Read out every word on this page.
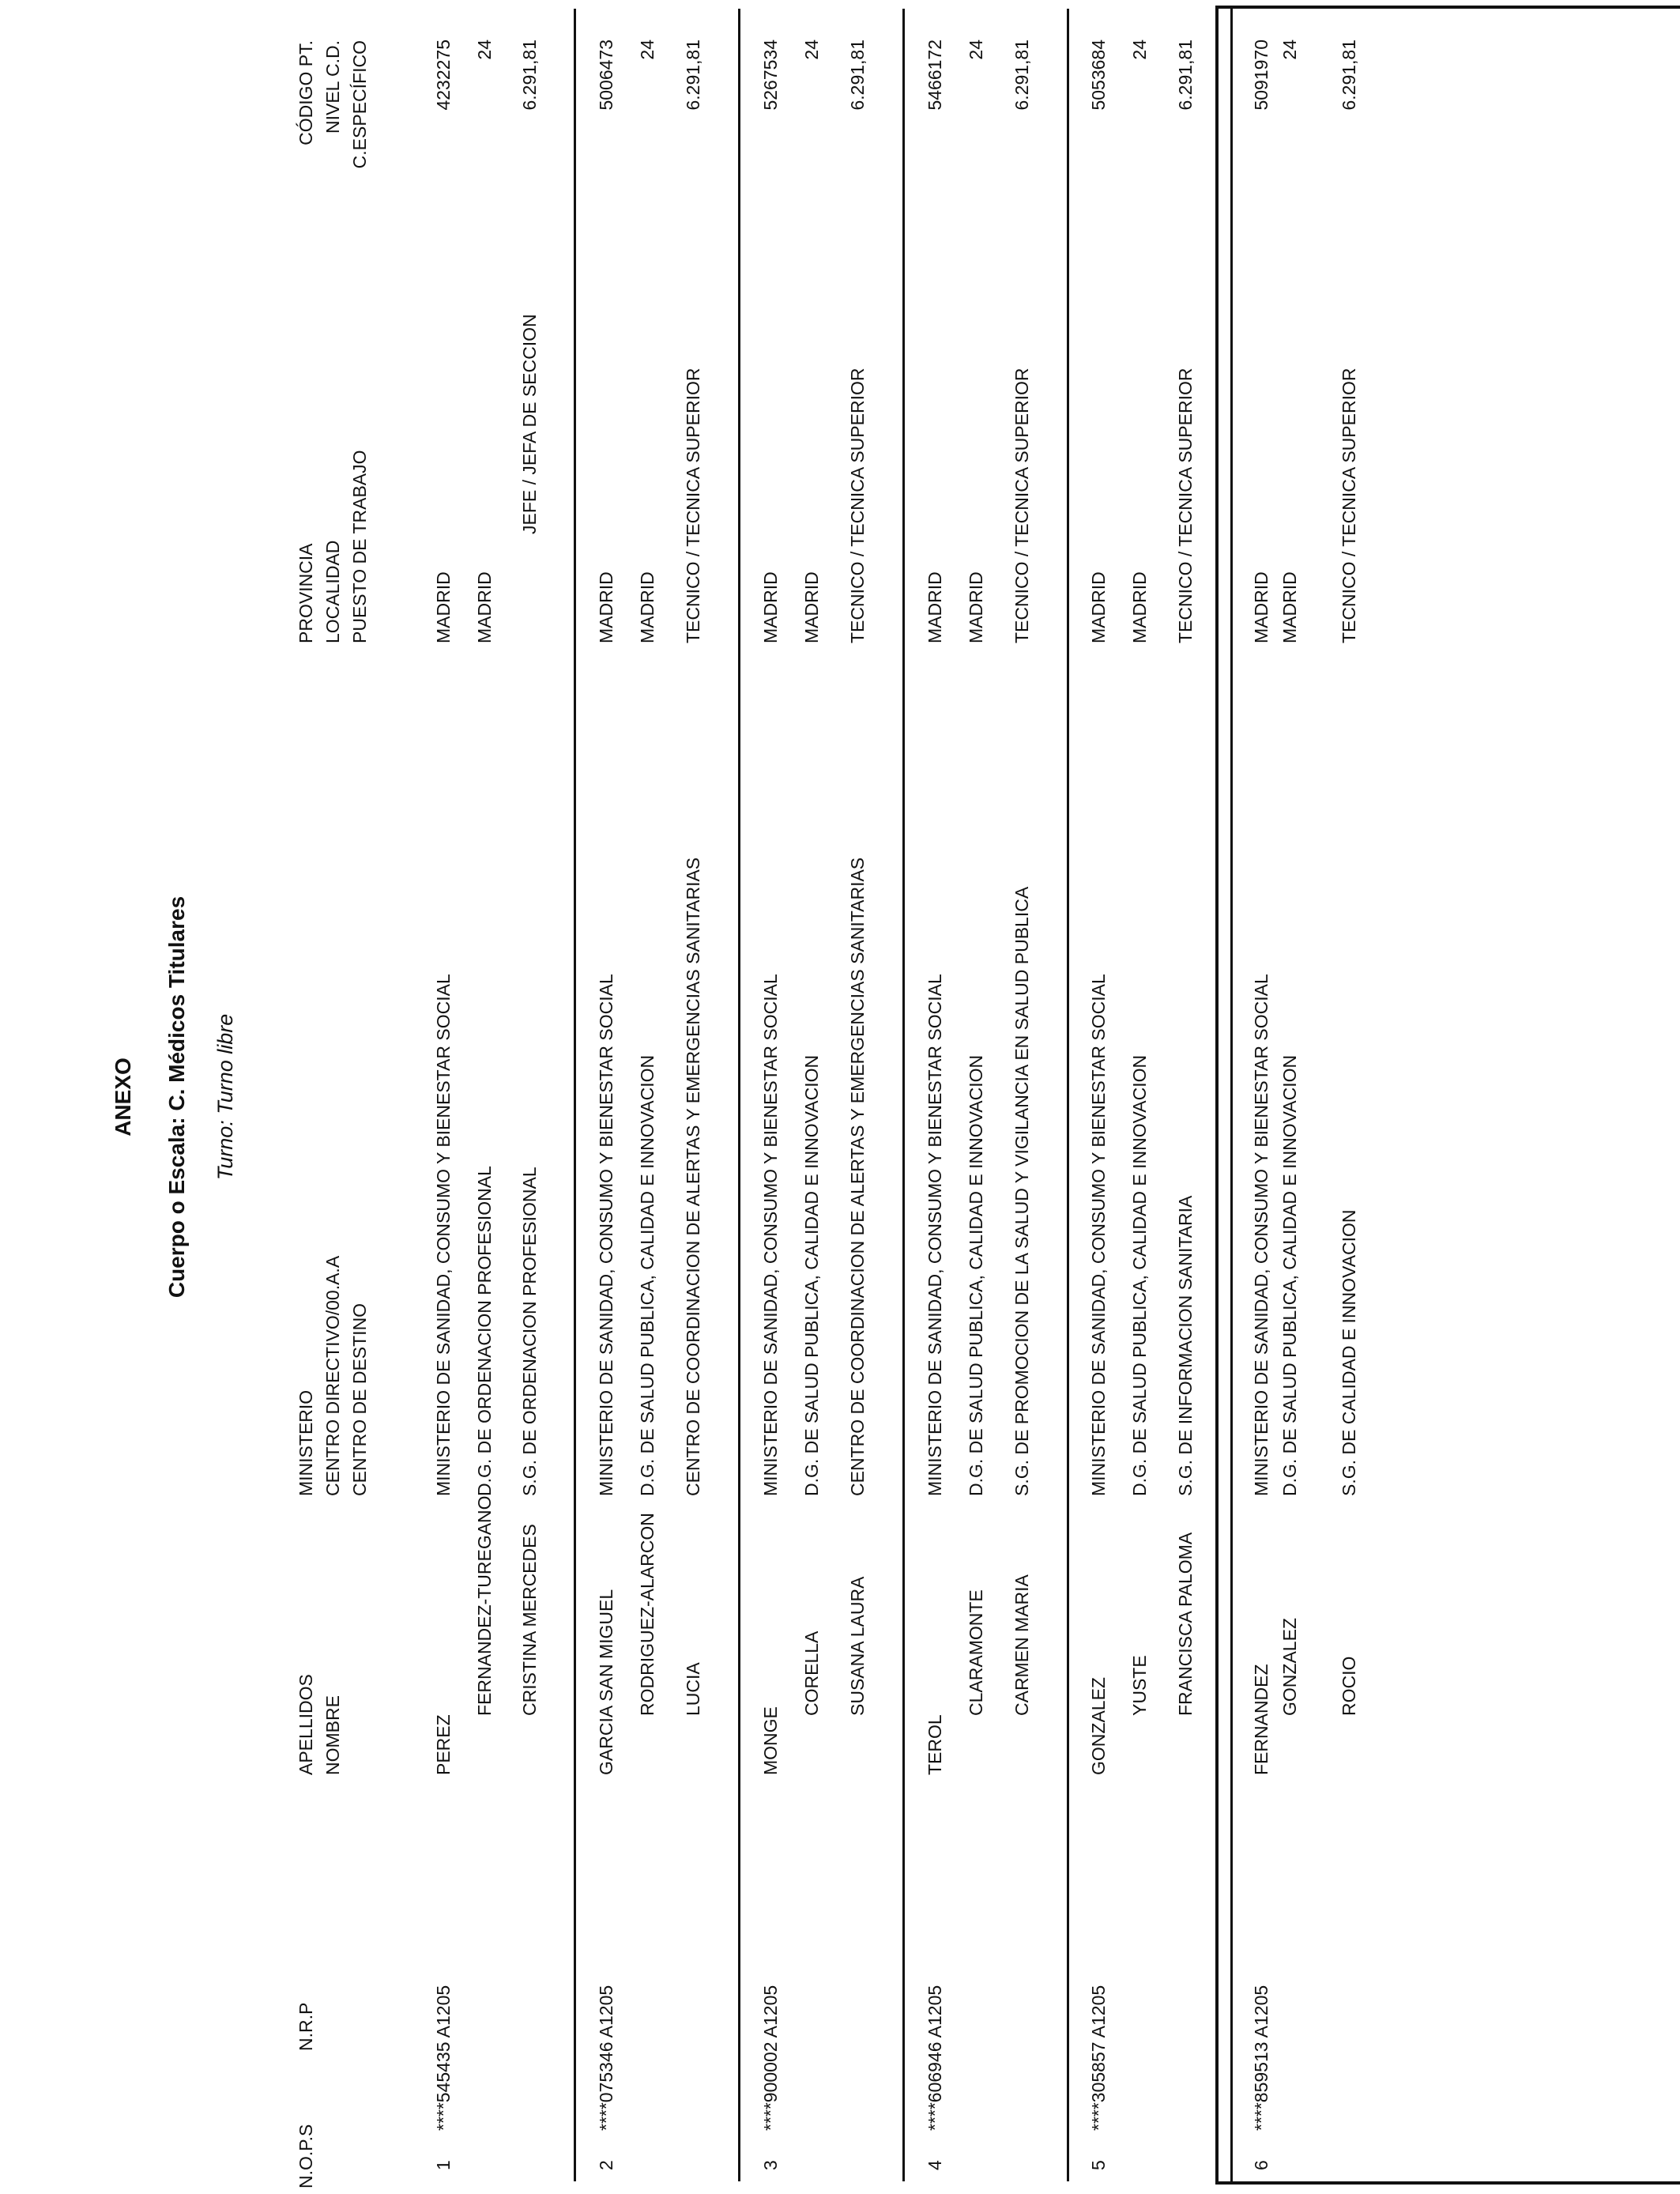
ANEXO Cuerpo o Escala: C. Médicos Titulares Turno: Turno libre
N.O.P.S
N.R.P
APELLIDOS NOMBRE
MINISTERIO CENTRO DIRECTIVO/00.A.A CENTRO DE DESTINO
PROVINCIA LOCALIDAD PUESTO DE TRABAJO
CÓDIGO PT. NIVEL C.D. C.ESPECÍFICO
1
****545435 A1205
PEREZ
FERNANDEZ-TUREGANO CRISTINA MERCEDES
MINISTERIO DE SANIDAD, CONSUMO Y BIENESTAR SOCIAL D.G. DE ORDENACION PROFESIONAL S.G. DE ORDENACION PROFESIONAL
MADRID MADRID
JEFE / JEFA DE SECCION
4232275 24 6.291,81
2
****075346 A1205
GARCIA SAN MIGUEL RODRIGUEZ-ALARCON LUCIA
MINISTERIO DE SANIDAD, CONSUMO Y BIENESTAR SOCIAL D.G. DE SALUD PUBLICA, CALIDAD E INNOVACION CENTRO DE COORDINACION DE ALERTAS Y EMERGENCIAS SANITARIAS
MADRID MADRID TECNICO / TECNICA SUPERIOR
5006473 24 6.291,81
3
****900002 A1205
MONGE
CORELLA SUSANA LAURA
MINISTERIO DE SANIDAD, CONSUMO Y BIENESTAR SOCIAL D.G. DE SALUD PUBLICA, CALIDAD E INNOVACION CENTRO DE COORDINACION DE ALERTAS Y EMERGENCIAS SANITARIAS
MADRID MADRID TECNICO / TECNICA SUPERIOR
5267534 24 6.291,81
4
****606946 A1205
TEROL
CLARAMONTE CARMEN MARIA
MINISTERIO DE SANIDAD, CONSUMO Y BIENESTAR SOCIAL D.G. DE SALUD PUBLICA, CALIDAD E INNOVACION S.G. DE PROMOCION DE LA SALUD Y VIGILANCIA EN SALUD PUBLICA
MADRID MADRID TECNICO / TECNICA SUPERIOR
5466172 24 6.291,81
5
****305857 A1205
GONZALEZ YUSTE FRANCISCA PALOMA
MINISTERIO DE SANIDAD, CONSUMO Y BIENESTAR SOCIAL D.G. DE SALUD PUBLICA, CALIDAD E INNOVACION S.G. DE INFORMACION SANITARIA
MADRID MADRID TECNICO / TECNICA SUPERIOR
5053684 24 6.291,81
6
****859513 A1205
FERNANDEZ GONZALEZ ROCIO
MINISTERIO DE SANIDAD, CONSUMO Y BIENESTAR SOCIAL D.G. DE SALUD PUBLICA, CALIDAD E INNOVACION S.G. DE CALIDAD E INNOVACION
MADRID MADRID TECNICO / TECNICA SUPERIOR
5091970 24 6.291,81
